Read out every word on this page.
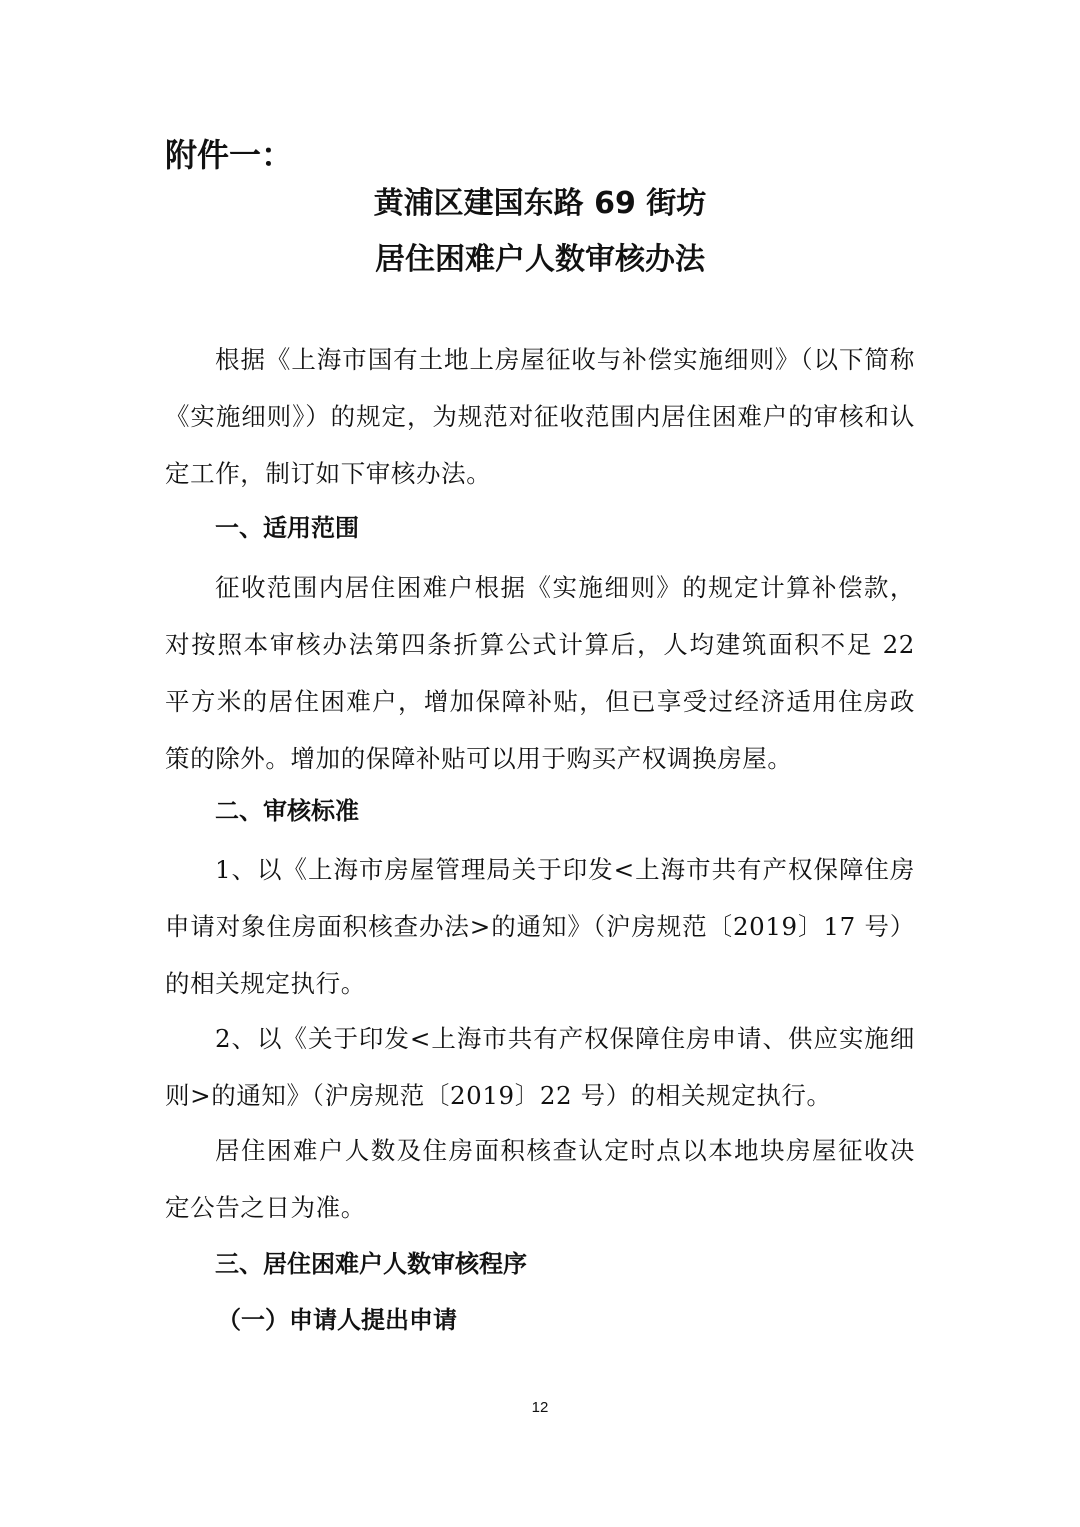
附件一：
黄浦区建国东路 69 街坊
居住困难户人数审核办法

根据《上海市国有土地上房屋征收与补偿实施细则》（以下简称《实施细则》）的规定，为规范对征收范围内居住困难户的审核和认定工作，制订如下审核办法。

一、适用范围

征收范围内居住困难户根据《实施细则》的规定计算补偿款，对按照本审核办法第四条折算公式计算后，人均建筑面积不足 22 平方米的居住困难户，增加保障补贴，但已享受过经济适用住房政策的除外。增加的保障补贴可以用于购买产权调换房屋。

二、审核标准

1、以《上海市房屋管理局关于印发<上海市共有产权保障住房申请对象住房面积核查办法>的通知》（沪房规范〔2019〕17 号）的相关规定执行。

2、以《关于印发<上海市共有产权保障住房申请、供应实施细则>的通知》（沪房规范〔2019〕22 号）的相关规定执行。

居住困难户人数及住房面积核查认定时点以本地块房屋征收决定公告之日为准。

三、居住困难户人数审核程序
（一）申请人提出申请
12
